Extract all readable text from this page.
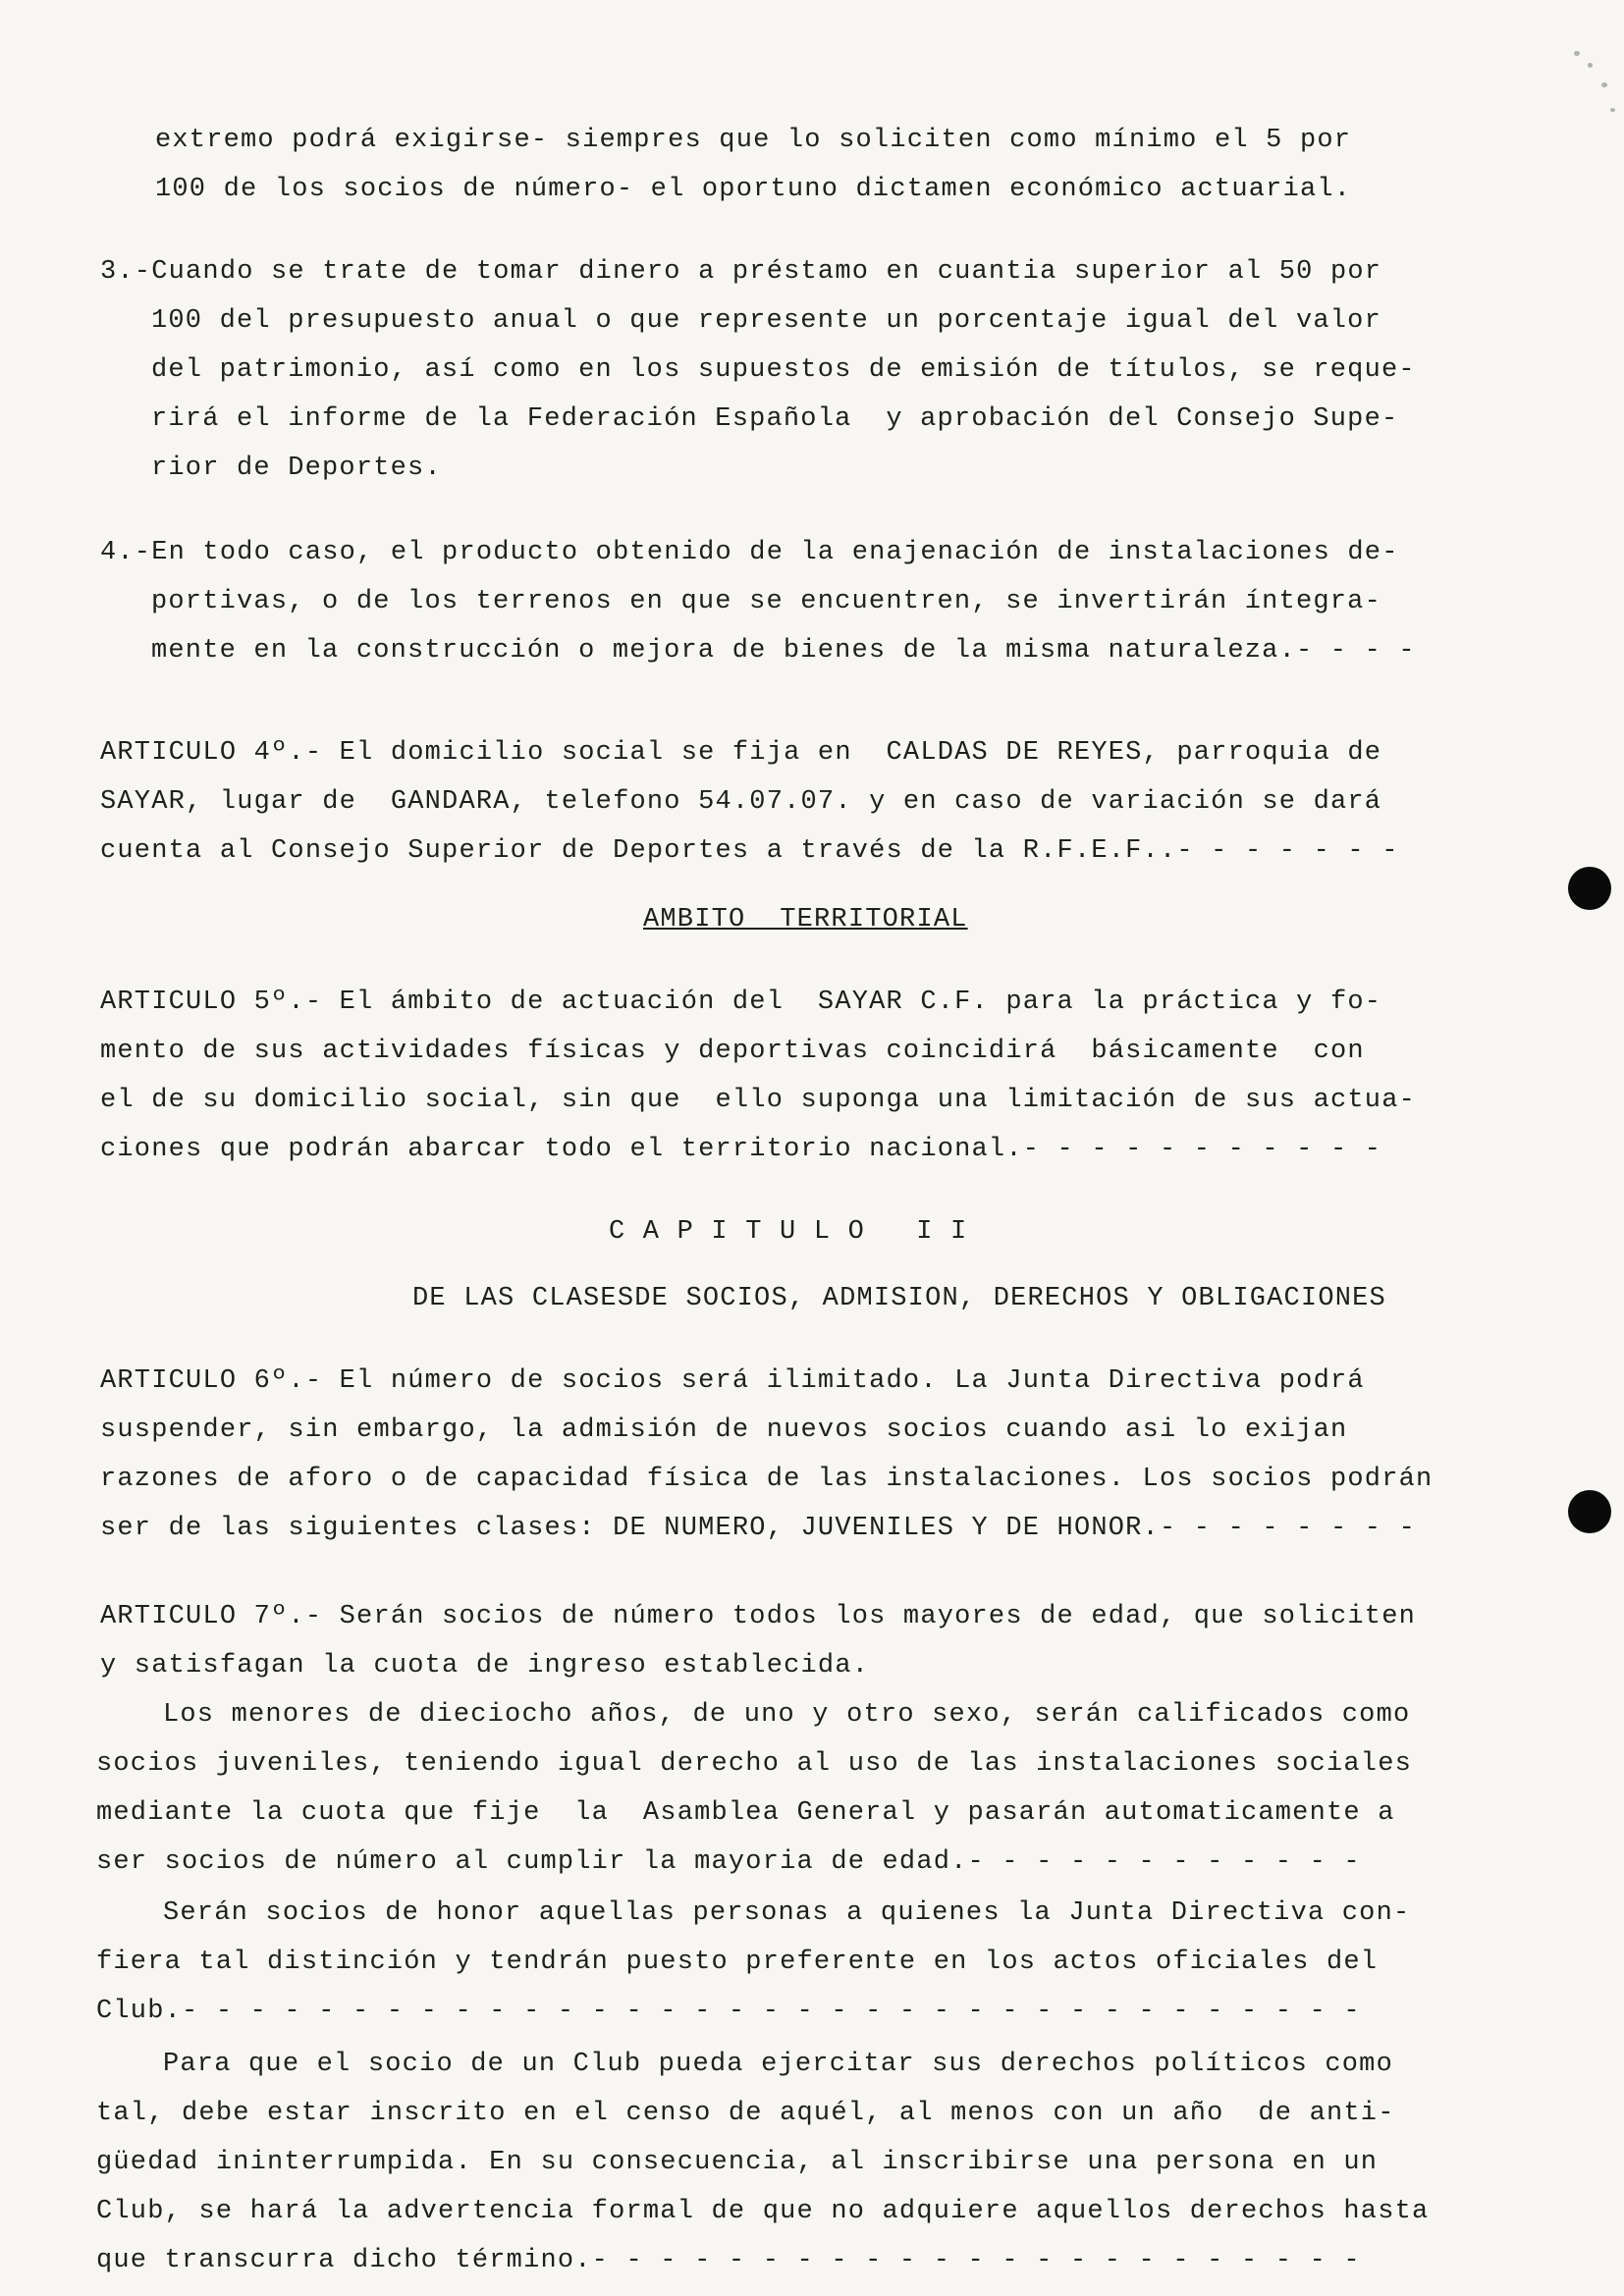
extremo podrá exigirse- siempres que lo soliciten como mínimo el 5 por
100 de los socios de número- el oportuno dictamen económico actuarial.
3.-Cuando se trate de tomar dinero a préstamo en cuantia superior al 50 por
100 del presupuesto anual o que represente un porcentaje igual del valor
del patrimonio, así como en los supuestos de emisión de títulos, se reque-
rirá el informe de la Federación Española  y aprobación del Consejo Supe-
rior de Deportes.
4.-En todo caso, el producto obtenido de la enajenación de instalaciones de-
portivas, o de los terrenos en que se encuentren, se invertirán íntegra-
mente en la construcción o mejora de bienes de la misma naturaleza.- - - -
ARTICULO 4º.- El domicilio social se fija en  CALDAS DE REYES, parroquia de
SAYAR, lugar de  GANDARA, telefono 54.07.07. y en caso de variación se dará
cuenta al Consejo Superior de Deportes a través de la R.F.E.F..- - - - - - -
AMBITO  TERRITORIAL
ARTICULO 5º.- El ámbito de actuación del  SAYAR C.F. para la práctica y fo-
mento de sus actividades físicas y deportivas coincidirá  básicamente  con
el de su domicilio social, sin que  ello suponga una limitación de sus actua-
ciones que podrán abarcar todo el territorio nacional.- - - - - - - - - - -
C A P I T U L O   I I
DE LAS CLASESDE SOCIOS, ADMISION, DERECHOS Y OBLIGACIONES
ARTICULO 6º.- El número de socios será ilimitado. La Junta Directiva podrá
suspender, sin embargo, la admisión de nuevos socios cuando asi lo exijan
razones de aforo o de capacidad física de las instalaciones. Los socios podrán
ser de las siguientes clases: DE NUMERO, JUVENILES Y DE HONOR.- - - - - - - -
ARTICULO 7º.- Serán socios de número todos los mayores de edad, que soliciten
y satisfagan la cuota de ingreso establecida.
Los menores de dieciocho años, de uno y otro sexo, serán calificados como
socios juveniles, teniendo igual derecho al uso de las instalaciones sociales
mediante la cuota que fije  la  Asamblea General y pasarán automaticamente a
ser socios de número al cumplir la mayoria de edad.- - - - - - - - - - - -
Serán socios de honor aquellas personas a quienes la Junta Directiva con-
fiera tal distinción y tendrán puesto preferente en los actos oficiales del
Club.- - - - - - - - - - - - - - - - - - - - - - - - - - - - - - - - - - -
Para que el socio de un Club pueda ejercitar sus derechos políticos como
tal, debe estar inscrito en el censo de aquél, al menos con un año  de anti-
güedad ininterrumpida. En su consecuencia, al inscribirse una persona en un
Club, se hará la advertencia formal de que no adquiere aquellos derechos hasta
que transcurra dicho término.- - - - - - - - - - - - - - - - - - - - - - -
